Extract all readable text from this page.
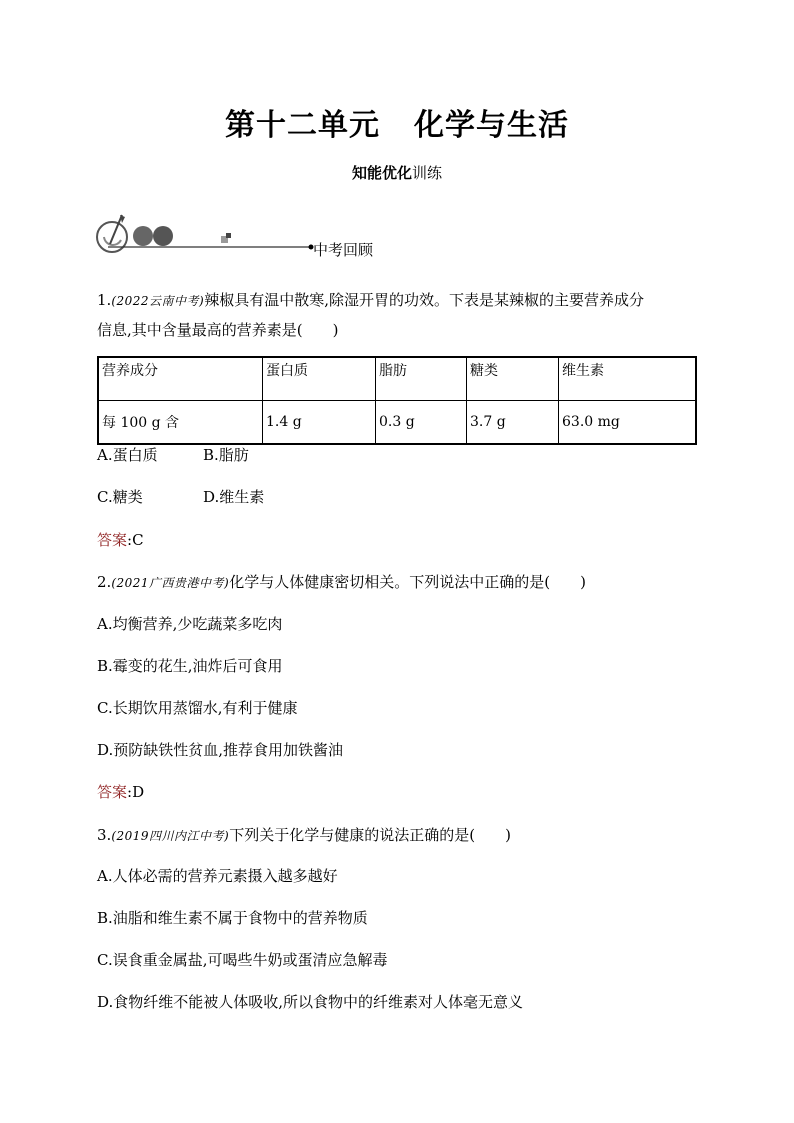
第十二单元 化学与生活
知能优化训练
中考回顾
1.(2022云南中考)辣椒具有温中散寒,除湿开胃的功效。下表是某辣椒的主要营养成分
信息,其中含量最高的营养素是(　　)
营养成分	蛋白质	脂肪	糖类	维生素
每 100 g 含	1.4 g	0.3 g	3.7 g	63.0 mg
A.蛋白质	B.脂肪
C.糖类	D.维生素
答案:C
2.(2021广西贵港中考)化学与人体健康密切相关。下列说法中正确的是(　　)
A.均衡营养,少吃蔬菜多吃肉
B.霉变的花生,油炸后可食用
C.长期饮用蒸馏水,有利于健康
D.预防缺铁性贫血,推荐食用加铁酱油
答案:D
3.(2019四川内江中考)下列关于化学与健康的说法正确的是(　　)
A.人体必需的营养元素摄入越多越好
B.油脂和维生素不属于食物中的营养物质
C.误食重金属盐,可喝些牛奶或蛋清应急解毒
D.食物纤维不能被人体吸收,所以食物中的纤维素对人体毫无意义
